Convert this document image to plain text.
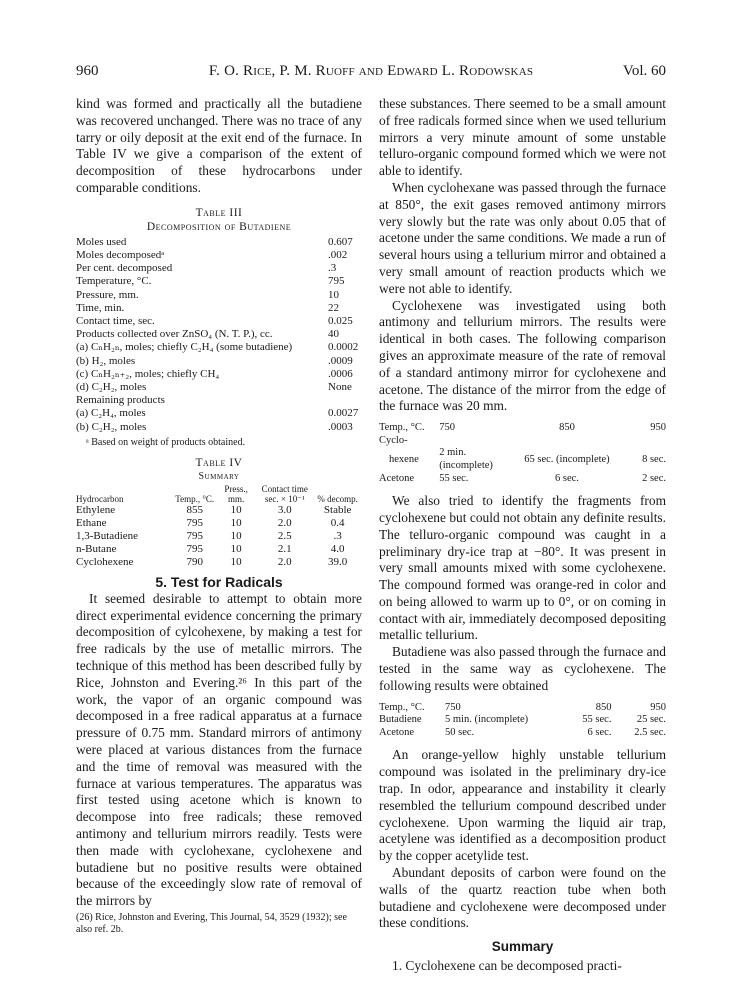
960	F. O. Rice, P. M. Ruoff and Edward L. Rodowskas	Vol. 60

kind was formed and practically all the butadiene was recovered unchanged. There was no trace of any tarry or oily deposit at the exit end of the furnace. In Table IV we give a comparison of the extent of decomposition of these hydrocarbons under comparable conditions.

Table III
Decomposition of Butadiene
Moles used	0.607
Moles decomposedᵃ	.002
Per cent. decomposed	.3
Temperature, °C.	795
Pressure, mm.	10
Time, min.	22
Contact time, sec.	0.025
Products collected over ZnSO₄ (N. T. P.), cc.	40
(a) CₙH₂ₙ, moles; chiefly C₂H₄ (some butadiene)	0.0002
(b) H₂, moles	.0009
(c) CₙH₂ₙ₊₂, moles; chiefly CH₄	.0006
(d) C₂H₂, moles	None
Remaining products
(a) C₂H₄, moles	0.0027
(b) C₂H₂, moles	.0003
ᵃ Based on weight of products obtained.
Table IV
Summary
Hydrocarbon	Temp., °C.	Press., mm.	Contact time sec. × 10⁻¹	% decomp.
Ethylene	855	10	3.0	Stable
Ethane	795	10	2.0	0.4
1,3-Butadiene	795	10	2.5	.3
n-Butane	795	10	2.1	4.0
Cyclohexene	790	10	2.0	39.0
5. Test for Radicals

It seemed desirable to attempt to obtain more direct experimental evidence concerning the primary decomposition of cylcohexene, by making a test for free radicals by the use of metallic mirrors. The technique of this method has been described fully by Rice, Johnston and Evering.²⁶ In this part of the work, the vapor of an organic compound was decomposed in a free radical apparatus at a furnace pressure of 0.75 mm. Standard mirrors of antimony were placed at various distances from the furnace and the time of removal was measured with the furnace at various temperatures. The apparatus was first tested using acetone which is known to decompose into free radicals; these removed antimony and tellurium mirrors readily. Tests were then made with cyclohexane, cyclohexene and butadiene but no positive results were obtained because of the exceedingly slow rate of removal of the mirrors by

(26) Rice, Johnston and Evering, This Journal, 54, 3529 (1932); see also ref. 2b.

these substances. There seemed to be a small amount of free radicals formed since when we used tellurium mirrors a very minute amount of some unstable telluro-organic compound formed which we were not able to identify.

When cyclohexane was passed through the furnace at 850°, the exit gases removed antimony mirrors very slowly but the rate was only about 0.05 that of acetone under the same conditions. We made a run of several hours using a tellurium mirror and obtained a very small amount of reaction products which we were not able to identify.

Cyclohexene was investigated using both antimony and tellurium mirrors. The results were identical in both cases. The following comparison gives an approximate measure of the rate of removal of a standard antimony mirror for cyclohexene and acetone. The distance of the mirror from the edge of the furnace was 20 mm.

Temp., °C.	750	850	950
Cyclo-			
hexene	2 min. (incomplete)	65 sec. (incomplete)	8 sec.
Acetone	55 sec.	6 sec.	2 sec.

We also tried to identify the fragments from cyclohexene but could not obtain any definite results. The telluro-organic compound was caught in a preliminary dry-ice trap at −80°. It was present in very small amounts mixed with some cyclohexene. The compound formed was orange-red in color and on being allowed to warm up to 0°, or on coming in contact with air, immediately decomposed depositing metallic tellurium.

Butadiene was also passed through the furnace and tested in the same way as cyclohexene. The following results were obtained

Temp., °C.	750	850	950
Butadiene	5 min. (incomplete)	55 sec.	25 sec.
Acetone	50 sec.	6 sec.	2.5 sec.

An orange-yellow highly unstable tellurium compound was isolated in the preliminary dry-ice trap. In odor, appearance and instability it clearly resembled the tellurium compound described under cyclohexene. Upon warming the liquid air trap, acetylene was identified as a decomposition product by the copper acetylide test.

Abundant deposits of carbon were found on the walls of the quartz reaction tube when both butadiene and cyclohexene were decomposed under these conditions.

Summary

1. Cyclohexene can be decomposed practi-
